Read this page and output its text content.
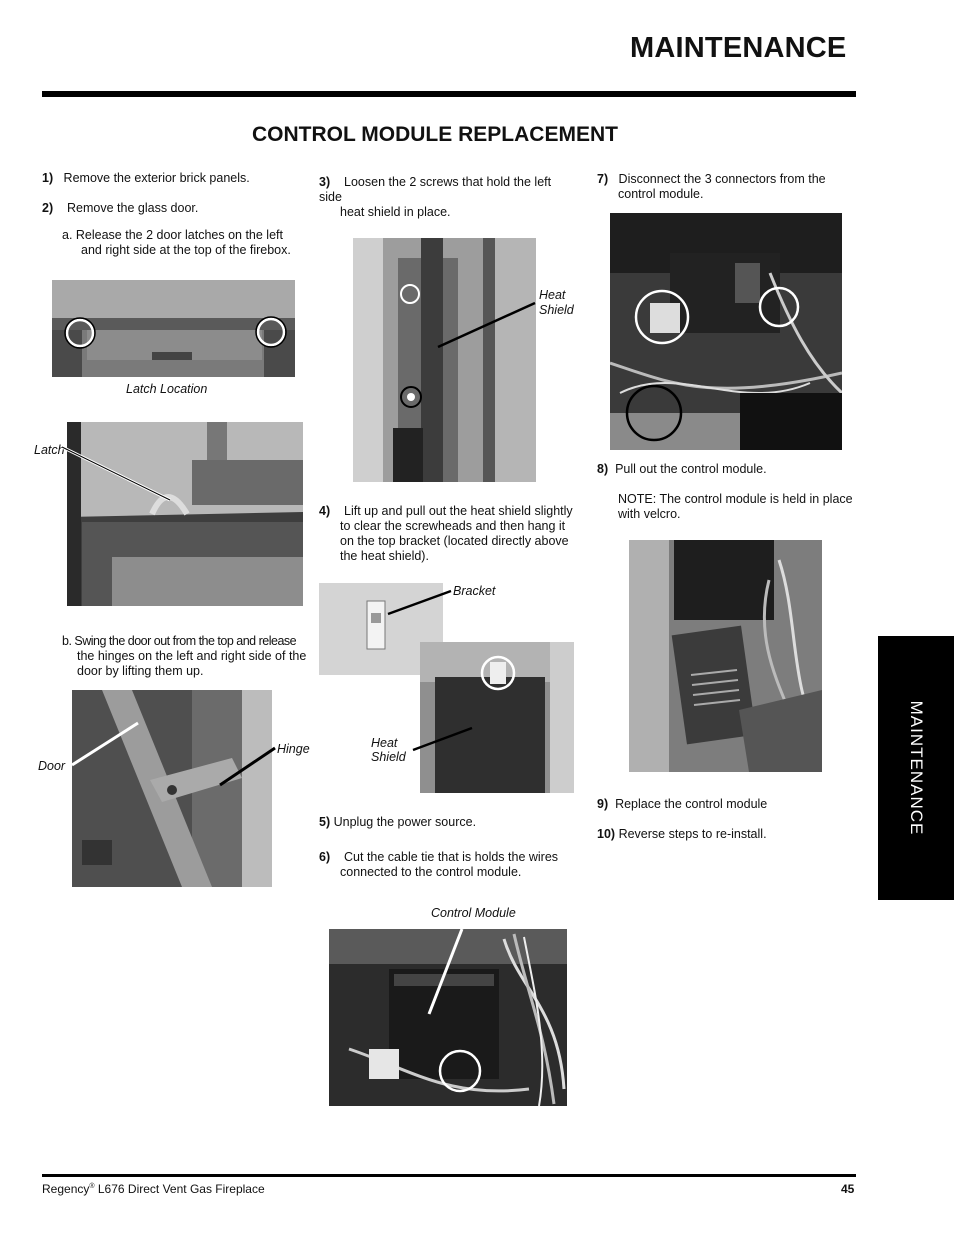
MAINTENANCE
CONTROL MODULE REPLACEMENT
1) Remove the exterior brick panels.
2) Remove the glass door.
a. Release the 2 door latches on the left
and right side at the top of the firebox.
Latch Location
Latch
b. Swing the door out from the top and release
the hinges on the left and right side of the
door by lifting them up.
Door
Hinge
3) Loosen the 2 screws that hold the left side
heat shield in place.
Heat
Shield
4) Lift up and pull out the heat shield slightly
to clear the screwheads and then hang it
on the top bracket (located directly above
the heat shield).
Bracket
Heat
Shield
5) Unplug the power source.
6) Cut the cable tie that is holds the wires
connected to the control module.
Control Module
7) Disconnect the 3 connectors from the
control module.
8) Pull out the control module.
NOTE: The control module is held in place
with velcro.
9) Replace the control module
10) Reverse steps to re-install.	MAINTENANCE
Regency® L676 Direct Vent Gas Fireplace	45
